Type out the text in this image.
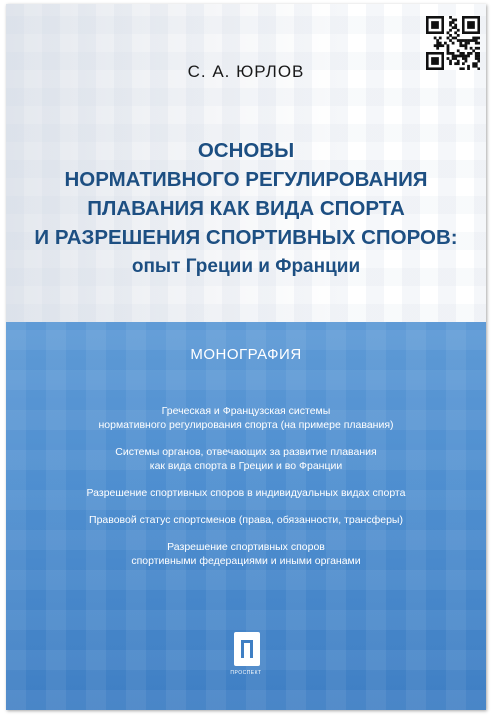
С. А. ЮРЛОВ
ОСНОВЫ
НОРМАТИВНОГО РЕГУЛИРОВАНИЯ
ПЛАВАНИЯ КАК ВИДА СПОРТА
И РАЗРЕШЕНИЯ СПОРТИВНЫХ СПОРОВ:
опыт Греции и Франции
МОНОГРАФИЯ
Греческая и Французская системы
нормативного регулирования спорта (на примере плавания)
Системы органов, отвечающих за развитие плавания
как вида спорта в Греции и во Франции
Разрешение спортивных споров в индивидуальных видах спорта
Правовой статус спортсменов (права, обязанности, трансферы)
Разрешение спортивных споров
спортивными федерациями и иными органами
ПРОСПЕКТ
